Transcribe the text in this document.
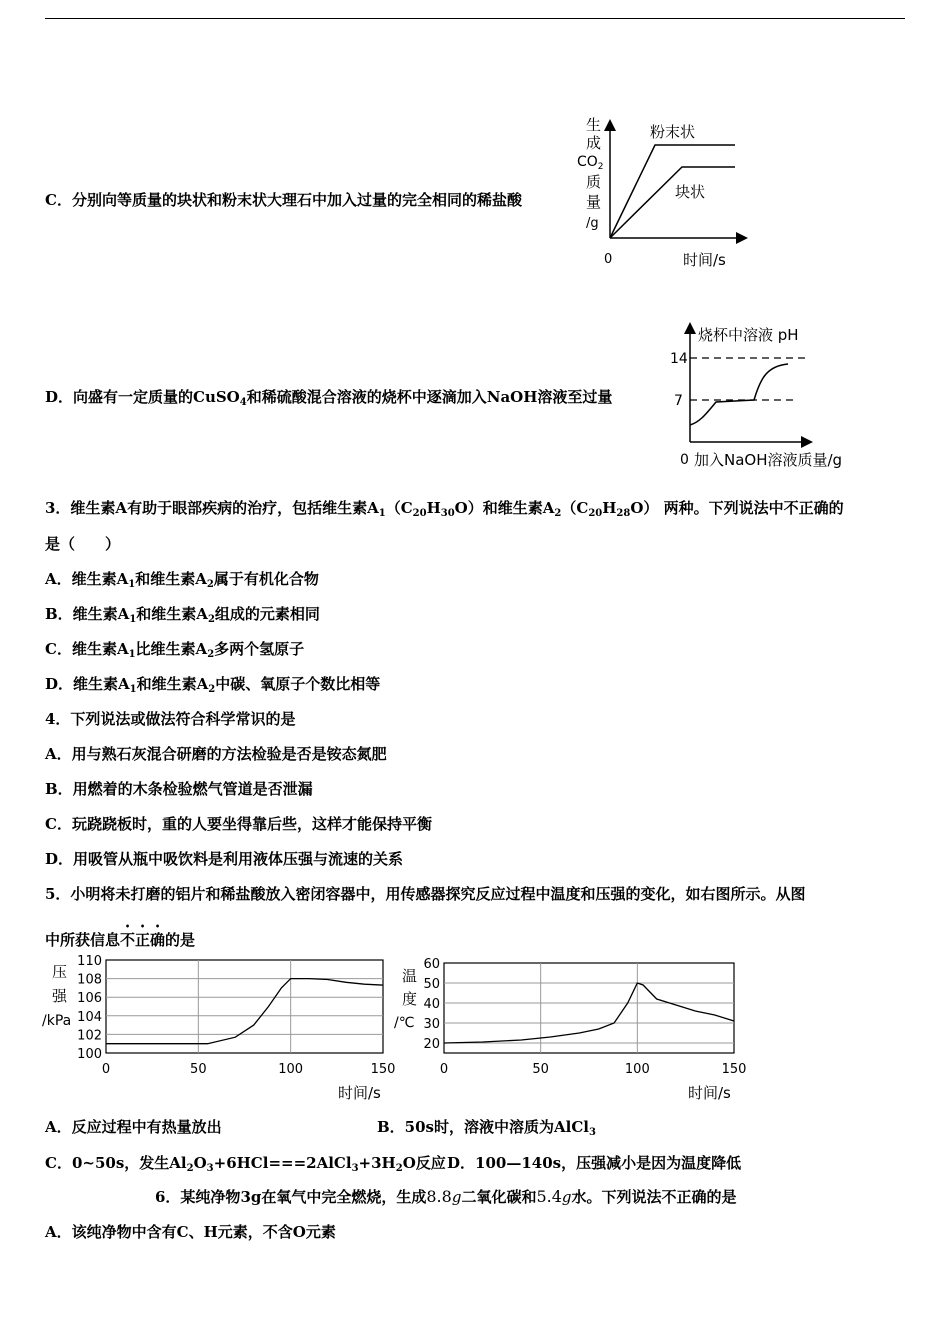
C．分别向等质量的块状和粉末状大理石中加入过量的完全相同的稀盐酸
生
成
$CO_2$
质
量
/g
0	时间/s
粉末状
块状
D．向盛有一定质量的CuSO$_4$和稀硫酸混合溶液的烧杯中逐滴加入NaOH溶液至过量
烧杯中溶液 pH
14
7
0 加入NaOH溶液质量/g
3．维生素A有助于眼部疾病的治疗，包括维生素$A_1(C_{20}H_{30}O)$和维生素$A_2(C_{20}H_{28}O)$ 两种。下列说法中不正确的
是（　　）
A．维生素$A_1$和维生素$A_2$属于有机化合物
B．维生素$A_1$和维生素$A_2$组成的元素相同
C．维生素$A_1$比维生素$A_2$多两个氢原子
D．维生素$A_1$和维生素$A_2$中碳、氧原子个数比相等
4．下列说法或做法符合科学常识的是
A．用与熟石灰混合研磨的方法检验是否是铵态氮肥
B．用燃着的木条检验燃气管道是否泄漏
C．玩跷跷板时，重的人要坐得靠后些，这样才能保持平衡
D．用吸管从瓶中吸饮料是利用液体压强与流速的关系
5．小明将未打磨的铝片和稀盐酸放入密闭容器中，用传感器探究反应过程中温度和压强的变化，如右图所示。从图
中所获信息不正确的是
压
强
/kPa
100
102
104
106
108
110
0	50	100	150
时间/s
温
度
/℃
20
30
40
50
60
0	50	100	150
时间/s
A．反应过程中有热量放出	B．50s时，溶液中溶质为AlCl$_3$
C．0~50s，发生$Al_2O_3+6HCl===2AlCl_3+3H_2O$反应 D．100—140s，压强减小是因为温度降低
6．某纯净物3g在氧气中完全燃烧，生成8.8g二氧化碳和5.4g水。下列说法不正确的是
A．该纯净物中含有C、H元素，不含O元素
